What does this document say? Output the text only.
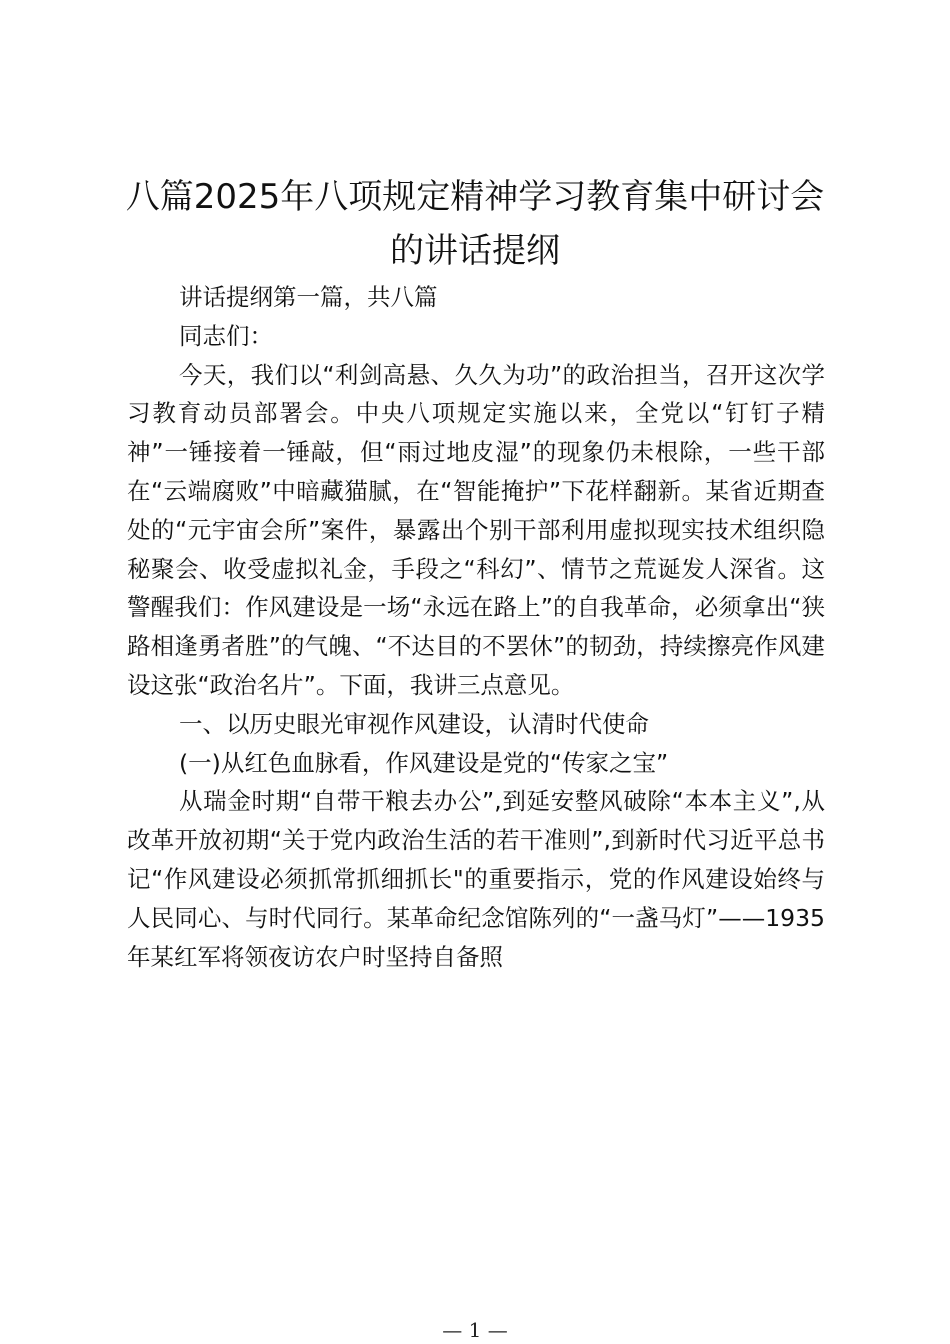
八篇2025年八项规定精神学习教育集中研讨会的讲话提纲

讲话提纲第一篇，共八篇

同志们：

今天，我们以“利剑高悬、久久为功”的政治担当，召开这次学习教育动员部署会。中央八项规定实施以来，全党以“钉钉子精神”一锤接着一锤敲，但“雨过地皮湿”的现象仍未根除，一些干部在“云端腐败”中暗藏猫腻，在“智能掩护”下花样翻新。某省近期查处的“元宇宙会所”案件，暴露出个别干部利用虚拟现实技术组织隐秘聚会、收受虚拟礼金，手段之“科幻”、情节之荒诞发人深省。这警醒我们：作风建设是一场“永远在路上”的自我革命，必须拿出“狭路相逢勇者胜”的气魄、“不达目的不罢休”的韧劲，持续擦亮作风建设这张“政治名片”。下面，我讲三点意见。

一、以历史眼光审视作风建设，认清时代使命

(一)从红色血脉看，作风建设是党的“传家之宝”

从瑞金时期“自带干粮去办公”,到延安整风破除“本本主义”,从改革开放初期“关于党内政治生活的若干准则”,到新时代习近平总书记“作风建设必须抓常抓细抓长"的重要指示，党的作风建设始终与人民同心、与时代同行。某革命纪念馆陈列的“一盏马灯”——1935年某红军将领夜访农户时坚持自备照

— 1 —
